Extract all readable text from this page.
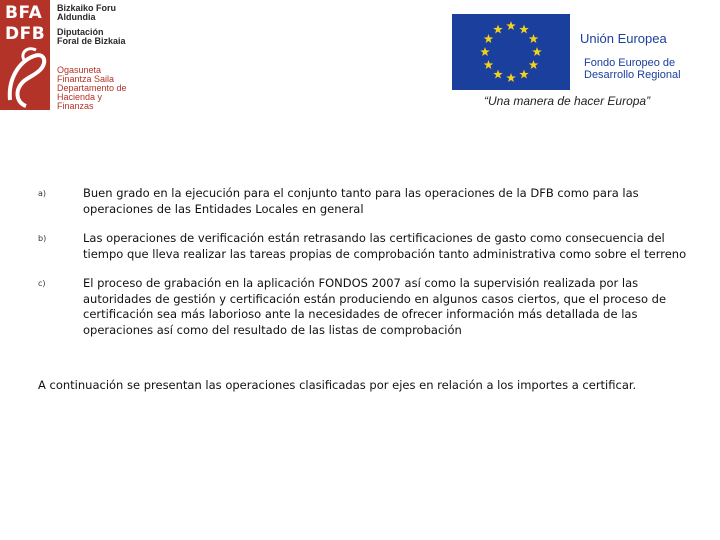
BFA
DFB
Bizkaiko Foru
Aldundia
Diputación
Foral de Bizkaia
Ogasuneta
Finantza Saila
Departamento de
Hacienda y Finanzas
Unión Europea
Fondo Europeo de
Desarrollo Regional
“Una manera de hacer Europa”
a)	Buen grado en la ejecución para el conjunto tanto para las operaciones de la DFB como para las operaciones de las Entidades Locales en general
b)	Las operaciones de verificación están retrasando las certificaciones de gasto como consecuencia del tiempo que lleva realizar las tareas propias de comprobación tanto administrativa como sobre el terreno
c)	El proceso de grabación en la aplicación FONDOS 2007 así como la supervisión realizada por las autoridades de gestión y certificación están produciendo en algunos casos ciertos, que el proceso de certificación sea más laborioso ante la necesidades de ofrecer información más detallada de las operaciones así como del resultado de las listas de comprobación
A continuación se presentan las operaciones clasificadas por ejes en relación a los importes a certificar.
